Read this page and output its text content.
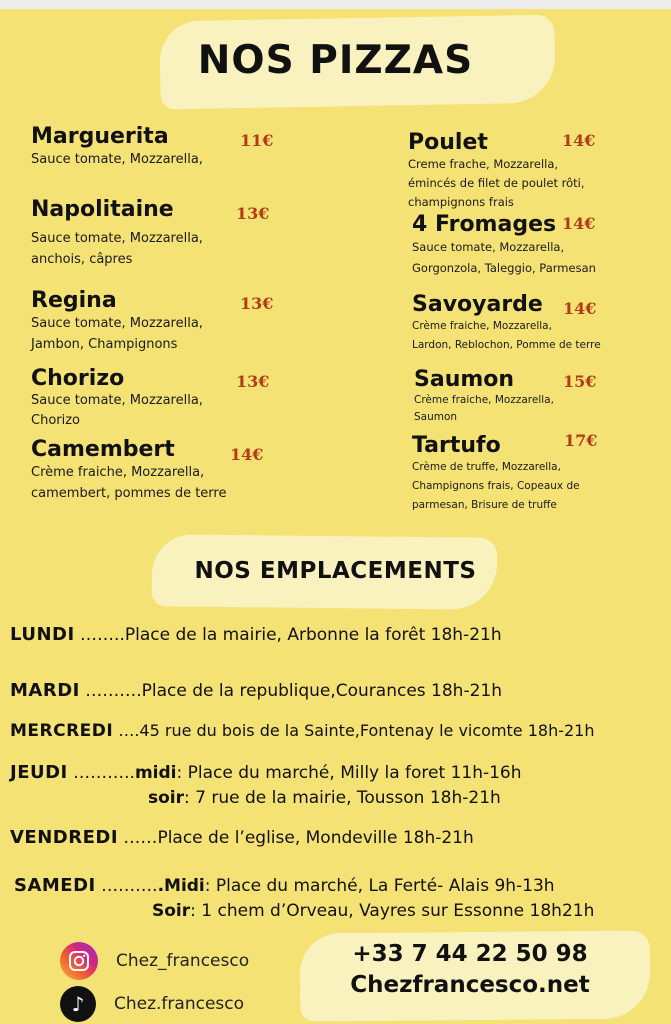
NOS PIZZAS
Marguerita
Sauce tomate, Mozzarella,
11€
Napolitaine
Sauce tomate, Mozzarella,
anchois, câpres
13€
Regina
Sauce tomate, Mozzarella,
Jambon, Champignons
13€
Chorizo
Sauce tomate, Mozzarella,
Chorizo
13€
Camembert
Crème fraiche, Mozzarella,
camembert, pommes de terre
14€
Poulet
Creme frache, Mozzarella,
émincés de filet de poulet rôti,
champignons frais
14€
4 Fromages
Sauce tomate, Mozzarella,
Gorgonzola, Taleggio, Parmesan
14€
Savoyarde
Crème fraiche, Mozzarella,
Lardon, Reblochon, Pomme de terre
14€
Saumon
Crème fraiche, Mozzarella,
Saumon
15€
Tartufo
Crème de truffe, Mozzarella,
Champignons frais, Copeaux de
parmesan, Brisure de truffe
17€
NOS EMPLACEMENTS
LUNDI ……..Place de la mairie, Arbonne la forêt 18h-21h
MARDI ……….Place de la republique,Courances 18h-21h
MERCREDI ….45 rue du bois de la Sainte,Fontenay le vicomte 18h-21h
JEUDI ………..midi: Place du marché, Milly la foret 11h-16h
soir: 7 rue de la mairie, Tousson 18h-21h
VENDREDI ……Place de l’eglise, Mondeville 18h-21h
SAMEDI ………..Midi: Place du marché, La Ferté- Alais 9h-13h
Soir: 1 chem d’Orveau, Vayres sur Essonne 18h21h
Chez_francesco
♪ Chez.francesco
+33 7 44 22 50 98
Chezfrancesco.net
